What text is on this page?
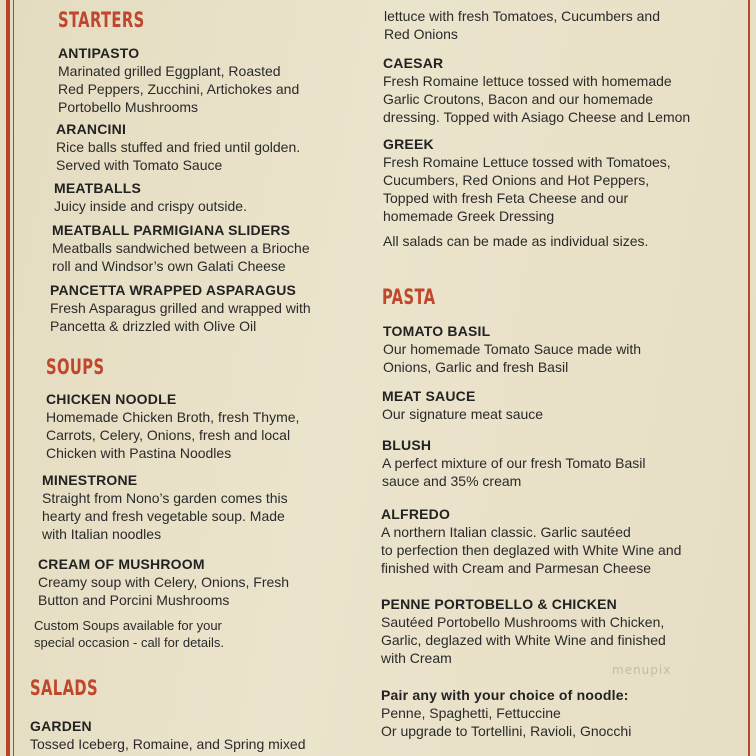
STARTERS
ANTIPASTO
Marinated grilled Eggplant, Roasted
Red Peppers, Zucchini, Artichokes and
Portobello Mushrooms
ARANCINI
Rice balls stuffed and fried until golden.
Served with Tomato Sauce
MEATBALLS
Juicy inside and crispy outside.
MEATBALL PARMIGIANA SLIDERS
Meatballs sandwiched between a Brioche
roll and Windsor’s own Galati Cheese
PANCETTA WRAPPED ASPARAGUS
Fresh Asparagus grilled and wrapped with
Pancetta & drizzled with Olive Oil
SOUPS
CHICKEN NOODLE
Homemade Chicken Broth, fresh Thyme,
Carrots, Celery, Onions, fresh and local
Chicken with Pastina Noodles
MINESTRONE
Straight from Nono’s garden comes this
hearty and fresh vegetable soup. Made
with Italian noodles
CREAM OF MUSHROOM
Creamy soup with Celery, Onions, Fresh
Button and Porcini Mushrooms
Custom Soups available for your
special occasion - call for details.
SALADS
GARDEN
Tossed Iceberg, Romaine, and Spring mixed
lettuce with fresh Tomatoes, Cucumbers and
Red Onions
CAESAR
Fresh Romaine lettuce tossed with homemade
Garlic Croutons, Bacon and our homemade
dressing. Topped with Asiago Cheese and Lemon
GREEK
Fresh Romaine Lettuce tossed with Tomatoes,
Cucumbers, Red Onions and Hot Peppers,
Topped with fresh Feta Cheese and our
homemade Greek Dressing
All salads can be made as individual sizes.
PASTA
TOMATO BASIL
Our homemade Tomato Sauce made with
Onions, Garlic and fresh Basil
MEAT SAUCE
Our signature meat sauce
BLUSH
A perfect mixture of our fresh Tomato Basil
sauce and 35% cream
ALFREDO
A northern Italian classic. Garlic sautéed
to perfection then deglazed with White Wine and
finished with Cream and Parmesan Cheese
PENNE PORTOBELLO & CHICKEN
Sautéed Portobello Mushrooms with Chicken,
Garlic, deglazed with White Wine and finished
with Cream
Pair any with your choice of noodle:
Penne, Spaghetti, Fettuccine
Or upgrade to Tortellini, Ravioli, Gnocchi
menupix
